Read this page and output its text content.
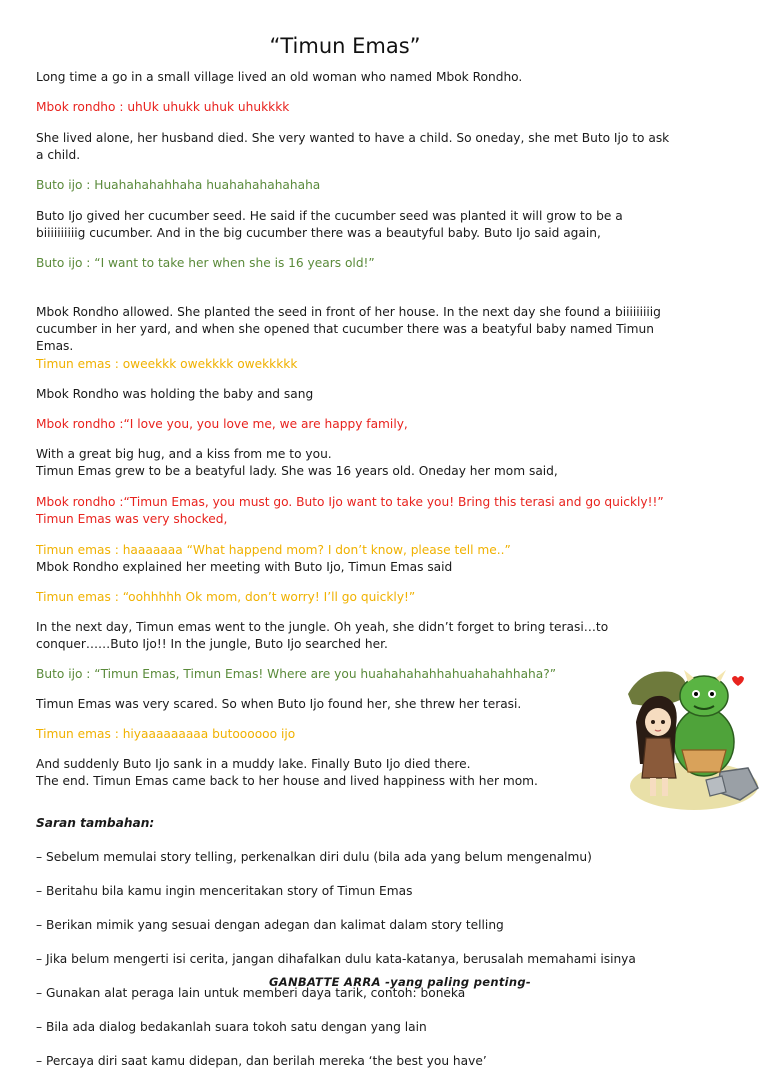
“Timun Emas”

Long time a go in a small village lived an old woman who named Mbok Rondho.

Mbok rondho : uhUk uhukk uhuk uhukkkk

She lived alone, her husband died. She very wanted to have a child. So oneday, she met Buto Ijo to ask
a child.

Buto ijo : Huahahahahhaha huahahahahahaha

Buto Ijo gived her cucumber seed. He said if the cucumber seed was planted it will grow to be a
biiiiiiiiiig cucumber. And in the big cucumber there was a beautyful baby. Buto Ijo said again,

Buto ijo : “I want to take her when she is 16 years old!”

Mbok Rondho allowed. She planted the seed in front of her house. In the next day she found a biiiiiiiiig
cucumber in her yard, and when she opened that cucumber there was a beatyful baby named Timun
Emas.

Timun emas : oweekkk owekkkk owekkkkk

Mbok Rondho was holding the baby and sang

Mbok rondho :“I love you, you love me, we are happy family,

With a great big hug, and a kiss from me to you.
Timun Emas grew to be a beatyful lady. She was 16 years old. Oneday her mom said,

Mbok rondho :“Timun Emas, you must go. Buto Ijo want to take you! Bring this terasi and go quickly!!”
Timun Emas was very shocked,

Timun emas : haaaaaaa “What happend mom? I don’t know, please tell me..”

Mbok Rondho explained her meeting with Buto Ijo, Timun Emas said

Timun emas : “oohhhhh Ok mom, don’t worry! I’ll go quickly!”

In the next day, Timun emas went to the jungle. Oh yeah, she didn’t forget to bring terasi…to
conquer……Buto Ijo!! In the jungle, Buto Ijo searched her.

Buto ijo : “Timun Emas, Timun Emas! Where are you huahahahahhahuahahahhaha?”

Timun Emas was very scared. So when Buto Ijo found her, she threw her terasi.

Timun emas : hiyaaaaaaaaa butoooooo ijo

And suddenly Buto Ijo sank in a muddy lake. Finally Buto Ijo died there.
The end. Timun Emas came back to her house and lived happiness with her mom.

Saran tambahan:

– Sebelum memulai story telling, perkenalkan diri dulu (bila ada yang belum mengenalmu)

– Beritahu bila kamu ingin menceritakan story of Timun Emas

– Berikan mimik yang sesuai dengan adegan dan kalimat dalam story telling

– Jika belum mengerti isi cerita, jangan dihafalkan dulu kata-katanya, berusalah memahami isinya

– Gunakan alat peraga lain untuk memberi daya tarik, contoh: boneka

– Bila ada dialog bedakanlah suara tokoh satu dengan yang lain

– Percaya diri saat kamu didepan, dan berilah mereka ‘the best you have’

GANBATTE ARRA -yang paling penting-
